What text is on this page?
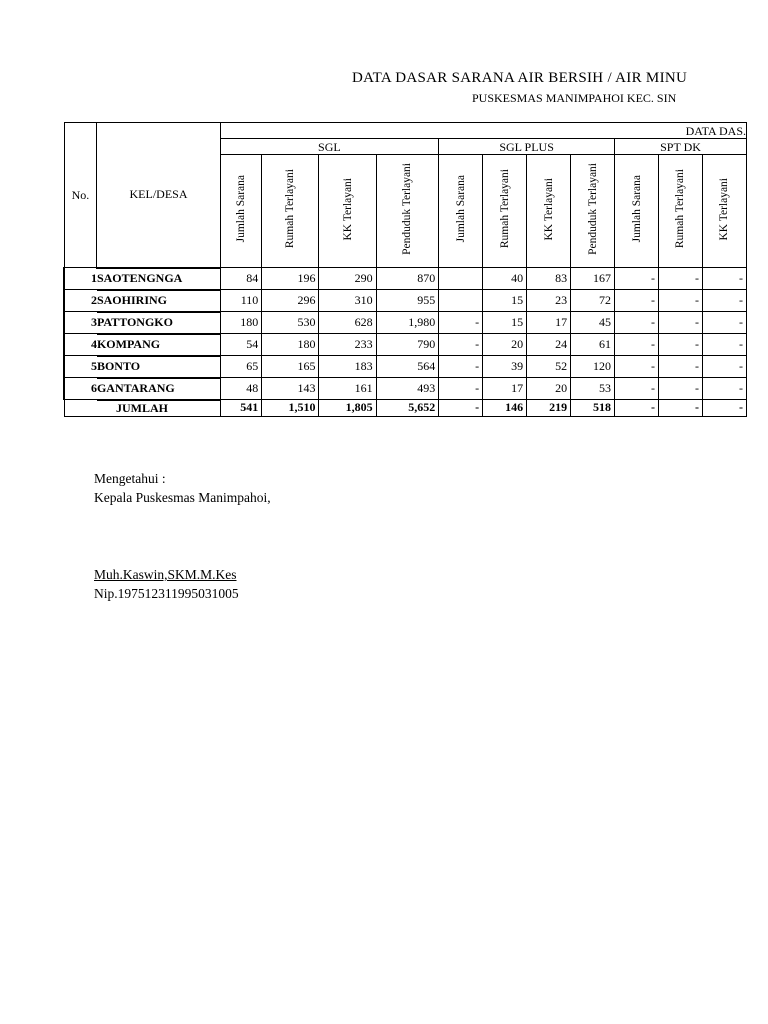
DATA DASAR SARANA AIR BERSIH / AIR MINU
PUSKESMAS MANIMPAHOI KEC. SIN
No.	KEL/DESA	DATA DAS.										
		SGL				SGL PLUS				SPT DK		
		Jumlah Sarana	Rumah Terlayani	KK Terlayani	Penduduk Terlayani	Jumlah Sarana	Rumah Terlayani	KK Terlayani	Penduduk Terlayani	Jumlah Sarana	Rumah Terlayani	KK Terlayani
1	SAOTENGNGA	84	196	290	870		40	83	167	-	-	-
2	SAOHIRING	110	296	310	955		15	23	72	-	-	-
3	PATTONGKO	180	530	628	1,980	-	15	17	45	-	-	-
4	KOMPANG	54	180	233	790	-	20	24	61	-	-	-
5	BONTO	65	165	183	564	-	39	52	120	-	-	-
6	GANTARANG	48	143	161	493	-	17	20	53	-	-	-
JUMLAH		541	1,510	1,805	5,652	-	146	219	518	-	-	-
Mengetahui :
Kepala Puskesmas Manimpahoi,
Muh.Kaswin,SKM.M.Kes
Nip.197512311995031005
